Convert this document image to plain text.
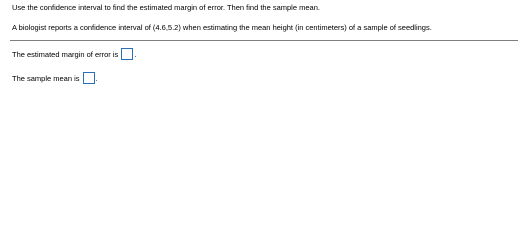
Use the confidence interval to find the estimated margin of error. Then find the sample mean.
A biologist reports a confidence interval of (4.6,5.2) when estimating the mean height (in centimeters) of a sample of seedlings.
The estimated margin of error is .
The sample mean is .
